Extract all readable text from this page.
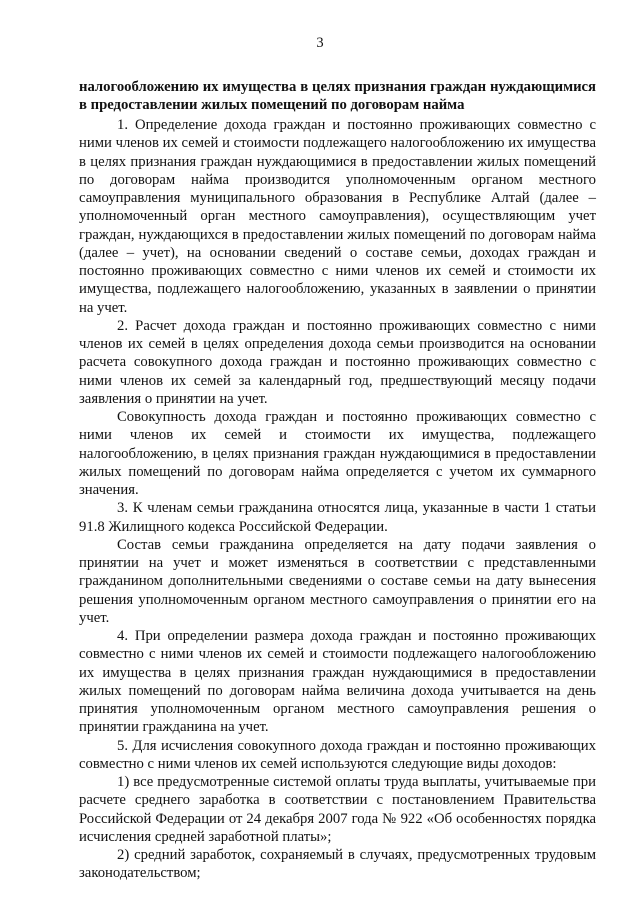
3

налогообложению их имущества в целях признания граждан нуждающимися в предоставлении жилых помещений по договорам найма

1. Определение дохода граждан и постоянно проживающих совместно с ними членов их семей и стоимости подлежащего налогообложению их имущества в целях признания граждан нуждающимися в предоставлении жилых помещений по договорам найма производится уполномоченным органом местного самоуправления муниципального образования в Республике Алтай (далее – уполномоченный орган местного самоуправления), осуществляющим учет граждан, нуждающихся в предоставлении жилых помещений по договорам найма (далее – учет), на основании сведений о составе семьи, доходах граждан и постоянно проживающих совместно с ними членов их семей и стоимости их имущества, подлежащего налогообложению, указанных в заявлении о принятии на учет.

2. Расчет дохода граждан и постоянно проживающих совместно с ними членов их семей в целях определения дохода семьи производится на основании расчета совокупного дохода граждан и постоянно проживающих совместно с ними членов их семей за календарный год, предшествующий месяцу подачи заявления о принятии на учет.

Совокупность дохода граждан и постоянно проживающих совместно с ними членов их семей и стоимости их имущества, подлежащего налогообложению, в целях признания граждан нуждающимися в предоставлении жилых помещений по договорам найма определяется с учетом их суммарного значения.

3. К членам семьи гражданина относятся лица, указанные в части 1 статьи 91.8 Жилищного кодекса Российской Федерации.

Состав семьи гражданина определяется на дату подачи заявления о принятии на учет и может изменяться в соответствии с представленными гражданином дополнительными сведениями о составе семьи на дату вынесения решения уполномоченным органом местного самоуправления о принятии его на учет.

4. При определении размера дохода граждан и постоянно проживающих совместно с ними членов их семей и стоимости подлежащего налогообложению их имущества в целях признания граждан нуждающимися в предоставлении жилых помещений по договорам найма величина дохода учитывается на день принятия уполномоченным органом местного самоуправления решения о принятии гражданина на учет.

5. Для исчисления совокупного дохода граждан и постоянно проживающих совместно с ними членов их семей используются следующие виды доходов:

1) все предусмотренные системой оплаты труда выплаты, учитываемые при расчете среднего заработка в соответствии с постановлением Правительства Российской Федерации от 24 декабря 2007 года № 922 «Об особенностях порядка исчисления средней заработной платы»;

2) средний заработок, сохраняемый в случаях, предусмотренных трудовым законодательством;
